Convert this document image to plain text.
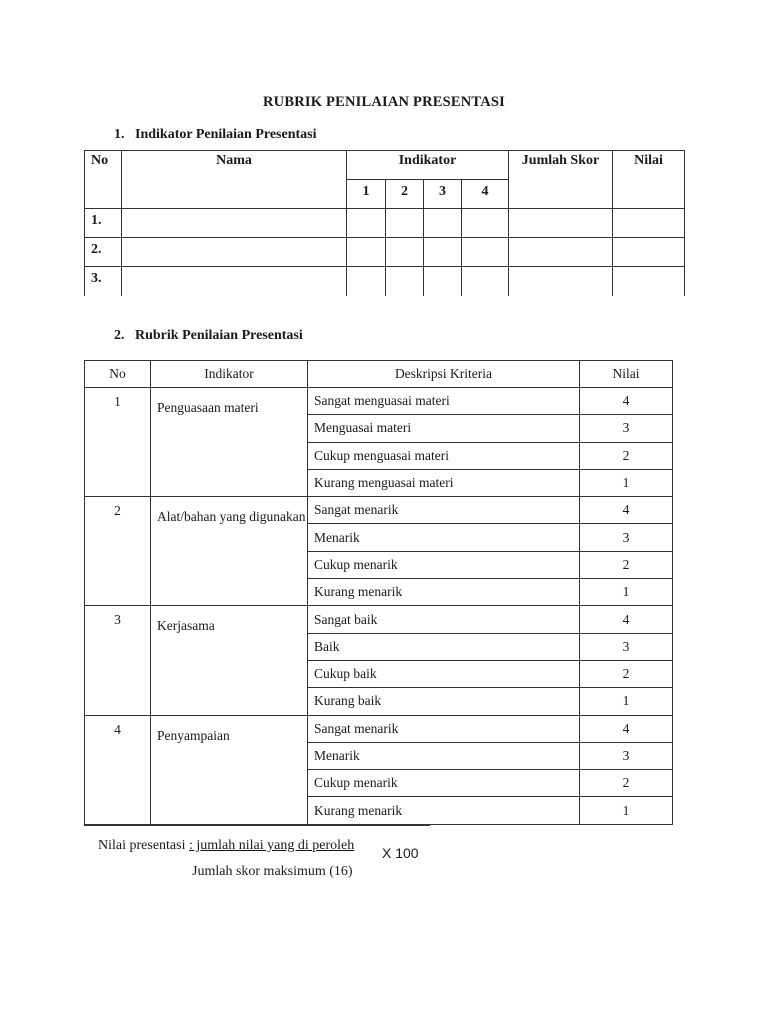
RUBRIK PENILAIAN PRESENTASI
1. Indikator Penilaian Presentasi
No	Nama	Indikator				Jumlah Skor	Nilai
		1	2	3	4		
1.							
2.							
3.							
2. Rubrik Penilaian Presentasi
No	Indikator	Deskripsi Kriteria	Nilai
1	Penguasaan materi	Sangat menguasai materi	4
		Menguasai materi	3
		Cukup menguasai materi	2
		Kurang menguasai materi	1
2	Alat/bahan yang digunakan	Sangat menarik	4
		Menarik	3
		Cukup menarik	2
		Kurang menarik	1
3	Kerjasama	Sangat baik	4
		Baik	3
		Cukup baik	2
		Kurang baik	1
4	Penyampaian	Sangat menarik	4
		Menarik	3
		Cukup menarik	2
		Kurang menarik	1
Nilai presentasi : jumlah nilai yang di peroleh X 100
Jumlah skor maksimum (16)
